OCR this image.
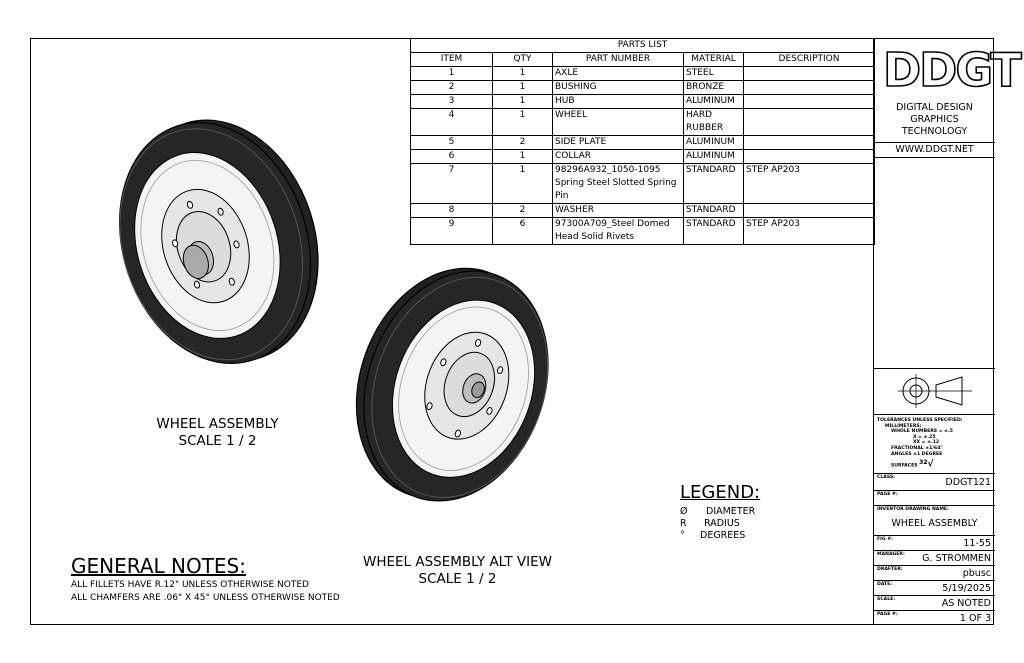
PARTS LIST				
ITEM	QTY	PART NUMBER	MATERIAL	DESCRIPTION
1	1	AXLE	STEEL	
2	1	BUSHING	BRONZE	
3	1	HUB	ALUMINUM	
4	1	WHEEL	HARD RUBBER	
5	2	SIDE PLATE	ALUMINUM	
6	1	COLLAR	ALUMINUM	
7	1	98296A932_1050-1095 Spring Steel Slotted Spring Pin	STANDARD	STEP AP203
8	2	WASHER	STANDARD	
9	6	97300A709_Steel Domed Head Solid Rivets	STANDARD	STEP AP203
WHEEL ASSEMBLY
SCALE 1 / 2
WHEEL ASSEMBLY ALT VIEW
SCALE 1 / 2
GENERAL NOTES:
ALL FILLETS HAVE R.12" UNLESS OTHERWISE NOTED
ALL CHAMFERS ARE .06" X 45° UNLESS OTHERWISE NOTED
LEGEND:
Ø DIAMETER
R RADIUS
° DEGREES
DDGT
DIGITAL DESIGN
GRAPHICS
TECHNOLOGY
WWW.DDGT.NET
TOLERANCES UNLESS SPECIFIED:
MILLIMETERS:
WHOLE NUMBERS = ±.5
X = ±.25
XX = ±.12
FRACTIONAL ±1/64"
ANGLES ±1 DEGREE
SURFACES 32√
CLASS:	DDGT121
PAGE #:
INVENTOR DRAWING NAME:
WHEEL ASSEMBLY
FIG #:	11-55
MANAGER: G. STROMMEN
DRAFTER:	pbusc
DATE:	5/19/2025
SCALE:	AS NOTED
PAGE #:	1 OF 3
